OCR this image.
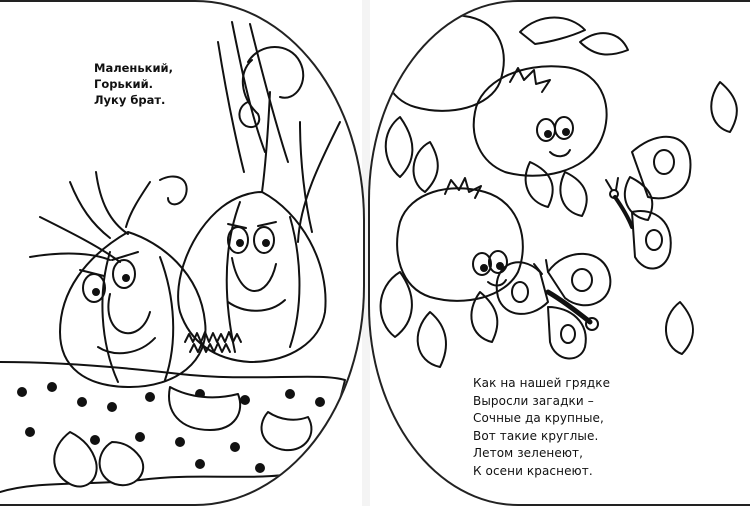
Маленький,
Горький.
Луку брат.
Как на нашей грядке
Выросли загадки –
Сочные да крупные,
Вот такие круглые.
Летом зеленеют,
К осени краснеют.
